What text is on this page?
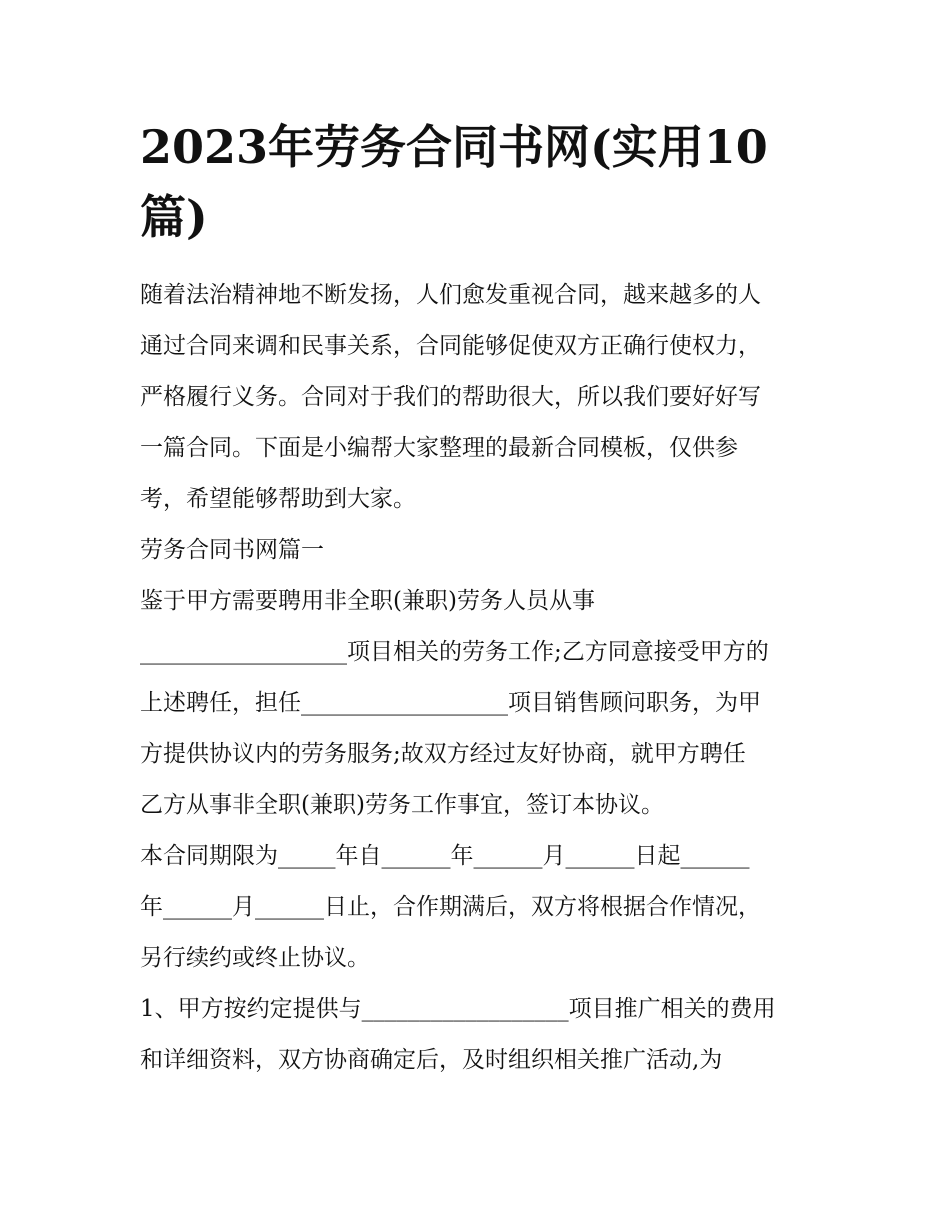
2023年劳务合同书网(实用10
篇)

随着法治精神地不断发扬，人们愈发重视合同，越来越多的人
通过合同来调和民事关系，合同能够促使双方正确行使权力，
严格履行义务。合同对于我们的帮助很大，所以我们要好好写
一篇合同。下面是小编帮大家整理的最新合同模板，仅供参
考，希望能够帮助到大家。

劳务合同书网篇一

鉴于甲方需要聘用非全职(兼职)劳务人员从事
__________________项目相关的劳务工作;乙方同意接受甲方的
上述聘任，担任__________________项目销售顾问职务，为甲
方提供协议内的劳务服务;故双方经过友好协商，就甲方聘任
乙方从事非全职(兼职)劳务工作事宜，签订本协议。

本合同期限为_____年自______年______月______日起______
年______月______日止，合作期满后，双方将根据合作情况，
另行续约或终止协议。

1、甲方按约定提供与__________________项目推广相关的费用
和详细资料，双方协商确定后，及时组织相关推广活动,为
